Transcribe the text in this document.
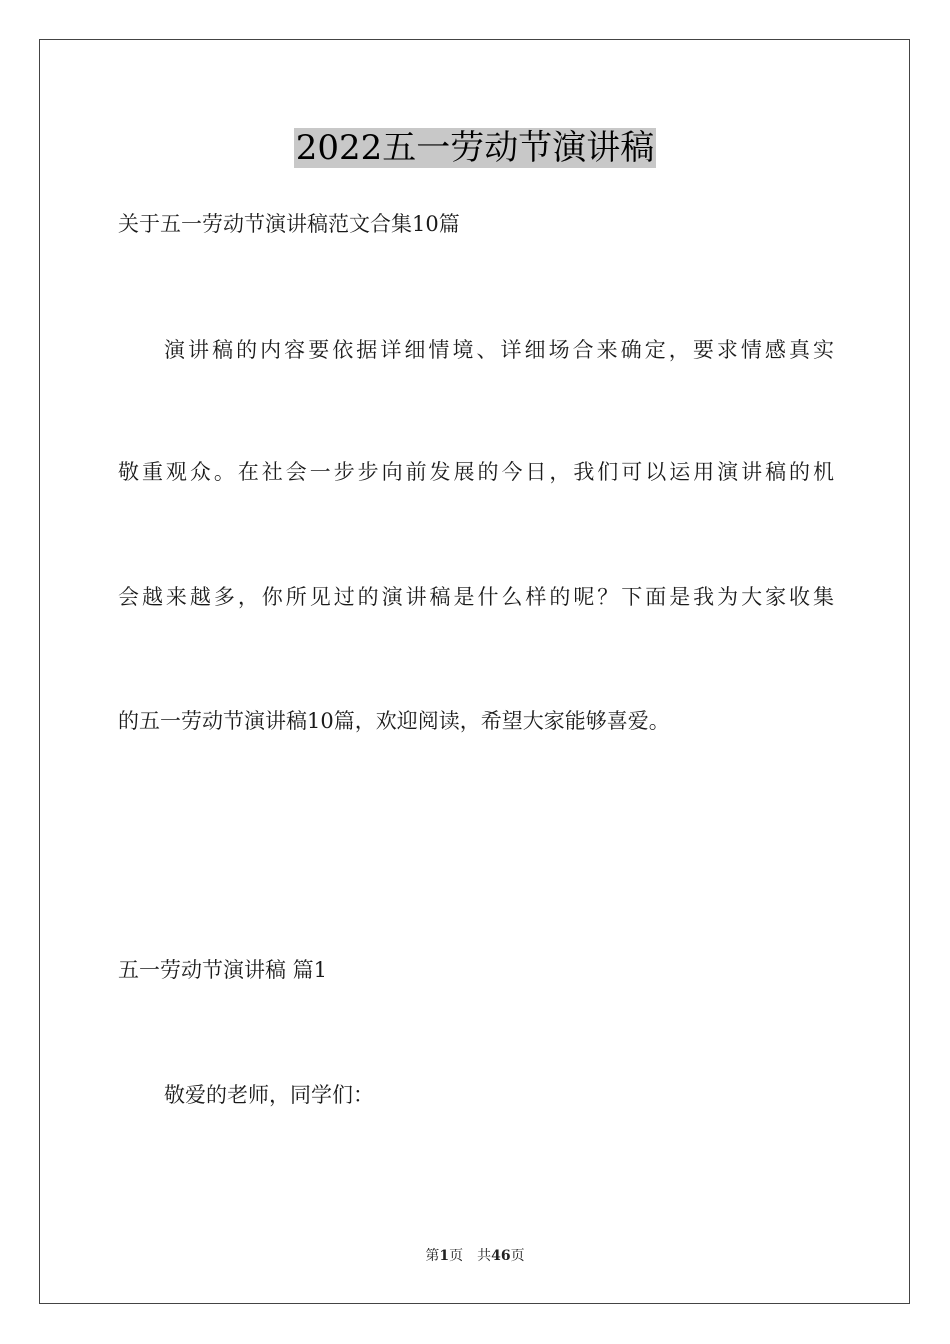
2022五一劳动节演讲稿
关于五一劳动节演讲稿范文合集10篇
演讲稿的内容要依据详细情境、详细场合来确定，要求情感真实
敬重观众。在社会一步步向前发展的今日，我们可以运用演讲稿的机
会越来越多，你所见过的演讲稿是什么样的呢？下面是我为大家收集
的五一劳动节演讲稿10篇，欢迎阅读，希望大家能够喜爱。
五一劳动节演讲稿 篇1
敬爱的老师，同学们：
第1页 共46页
